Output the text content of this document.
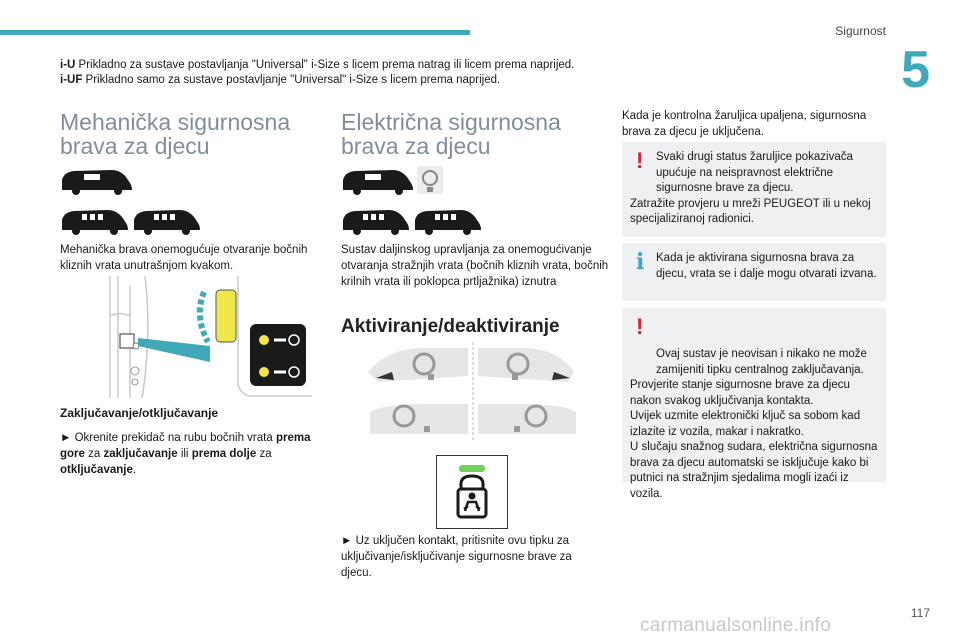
Sigurnost
5
i-U Prikladno za sustave postavljanja "Universal" i-Size s licem prema natrag ili licem prema naprijed.
i-UF Prikladno samo za sustave postavljanje "Universal" i-Size s licem prema naprijed.
Mehanička sigurnosna
brava za djecu

Mehanička brava onemogućuje otvaranje bočnih kliznih vrata unutrašnjom kvakom.

Zaključavanje/otključavanje

► Okrenite prekidač na rubu bočnih vrata prema gore za zaključavanje ili prema dolje za otključavanje.

Električna sigurnosna
brava za djecu

Sustav daljinskog upravljanja za onemogućivanje otvaranja stražnjih vrata (bočnih kliznih vrata, bočnih krilnih vrata ili poklopca prtljažnika) iznutra

Aktiviranje/deaktiviranje

► Uz uključen kontakt, pritisnite ovu tipku za uključivanje/isključivanje sigurnosne brave za djecu.

Kada je kontrolna žaruljica upaljena, sigurnosna brava za djecu je uključena.

!	Svaki drugi status žaruljice pokazivača upućuje na neispravnost električne sigurnosne brave za djecu.
Zatražite provjeru u mreži PEUGEOT ili u nekoj specijaliziranoj radionici.
i	Kada je aktivirana sigurnosna brava za djecu, vrata se i dalje mogu otvarati izvana.

!

Ovaj sustav je neovisan i nikako ne može zamijeniti tipku centralnog zaključavanja.
Provjerite stanje sigurnosne brave za djecu nakon svakog uključivanja kontakta.
Uvijek uzmite elektronički ključ sa sobom kad izlazite iz vozila, makar i nakratko.
U slučaju snažnog sudara, električna sigurnosna brava za djecu automatski se isključuje kako bi putnici na stražnjim sjedalima mogli izaći iz vozila.

117
carmanualsonline.info
